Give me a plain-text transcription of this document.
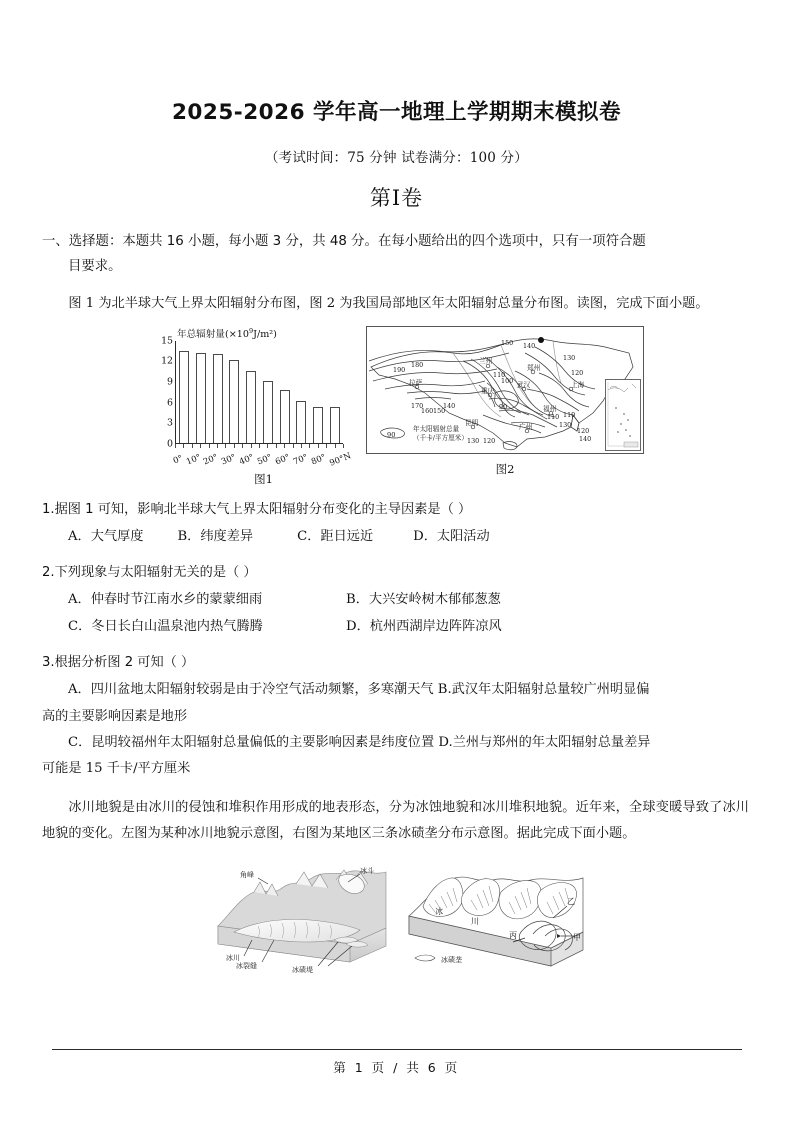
2025-2026 学年高一地理上学期期末模拟卷
（考试时间：75 分钟 试卷满分：100 分）
第I卷
一、选择题：本题共 16 小题，每小题 3 分，共 48 分。在每小题给出的四个选项中，只有一项符合题
目要求。

图 1 为北半球大气上界太阳辐射分布图，图 2 为我国局部地区年太阳辐射总量分布图。读图，完成下面小题。

年总辐射量$(\times 10^9J/m^2)$
0
3
6
9
12
15
0° 10° 20° 30° 40° 50° 60° 70° 80° 90°N
图1
150 140
130
190
180
120
110
100
90
170
160 150
140
110 110
130
120
140
130 120
兰州
郑州
拉萨	武汉	上海
重庆
福州
昆明	广州
90
年太阳辐射总量
（千卡/平方厘米）
图2
1.据图 1 可知，影响北半球大气上界太阳辐射分布变化的主导因素是（ ）
A．大气厚度	B．纬度差异	C．距日远近	D．太阳活动
2.下列现象与太阳辐射无关的是（ ）
A．仲春时节江南水乡的蒙蒙细雨	B．大兴安岭树木郁郁葱葱
C．冬日长白山温泉池内热气腾腾	D．杭州西湖岸边阵阵凉风
3.根据分析图 2 可知（ ）
A．四川盆地太阳辐射较弱是由于冷空气活动频繁，多寒潮天气 B.武汉年太阳辐射总量较广州明显偏
高的主要影响因素是地形
C．昆明较福州年太阳辐射总量偏低的主要影响因素是纬度位置 D.兰州与郑州的年太阳辐射总量差异
可能是 15 千卡/平方厘米

冰川地貌是由冰川的侵蚀和堆积作用形成的地表形态，分为冰蚀地貌和冰川堆积地貌。近年来，全球变暖导致了冰川地貌的变化。左图为某种冰川地貌示意图，右图为某地区三条冰碛垄分布示意图。据此完成下面小题。

角峰	冰斗
冰川
冰裂缝	冰碛堤
冰
川
丙
乙
甲
冰碛垄
第 1 页 / 共 6 页
